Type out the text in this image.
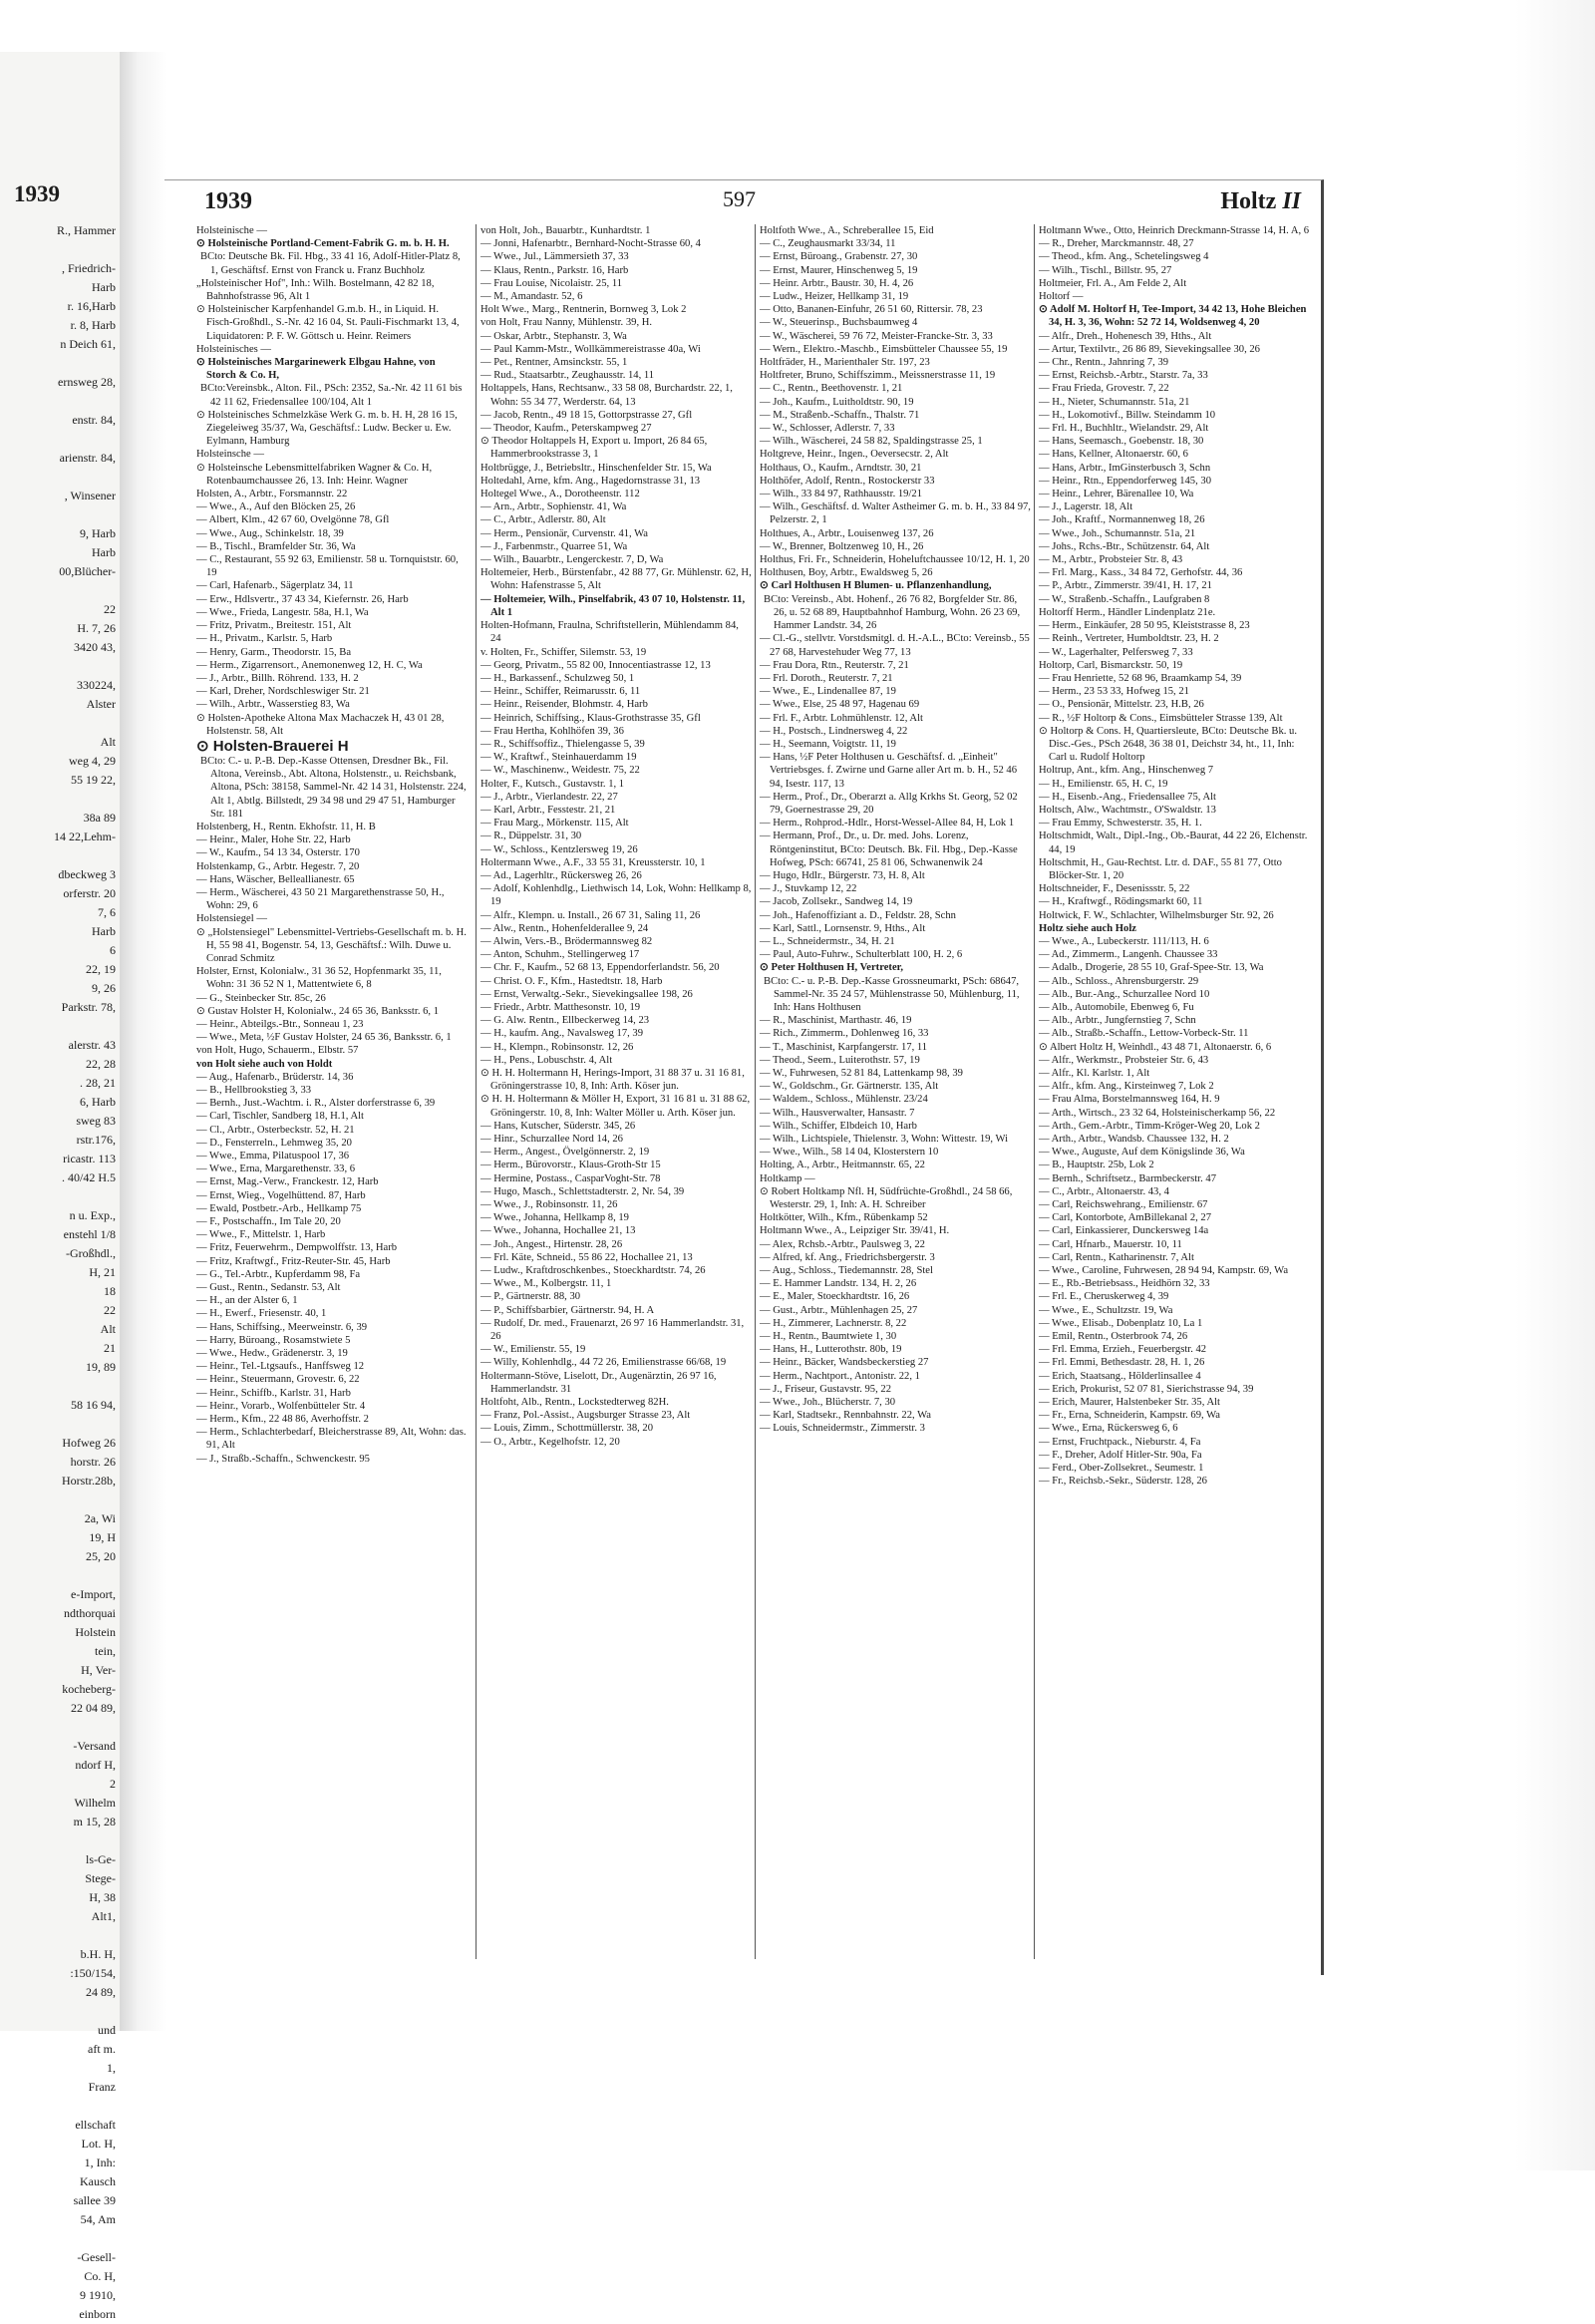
1939
R., Hammer

, Friedrich-
Harb
r. 16,Harb
r. 8, Harb
n Deich 61,

ernsweg 28,

enstr. 84,

arienstr. 84,

, Winsener

9, Harb
Harb
00,Blücher-

22
H. 7, 26
3420 43,

330224,
Alster

Alt
weg 4, 29
55 19 22,

38a 89
14 22,Lehm-

dbeckweg 3
orferstr. 20
7, 6
Harb
6
22, 19
9, 26
Parkstr. 78,

alerstr. 43
22, 28
. 28, 21
6, Harb
sweg 83
rstr.176,
ricastr. 113
. 40/42 H.5

n u. Exp.,
enstehl 1/8
-Großhdl.,
H, 21
18
22
Alt
21
19, 89

58 16 94,

Hofweg 26
horstr. 26
Horstr.28b,

2a, Wi
19, H
25, 20

e-Import,
ndthorquai
Holstein
tein,
H, Ver-
kocheberg-
22 04 89,

-Versand
ndorf H,
2
Wilhelm
m 15, 28

ls-Ge-
Stege-
H, 38
Alt1,

b.H. H,
:150/154,
24 89,

und
aft m.
1,
Franz

ellschaft
Lot. H,
1, Inh:
Kausch
sallee 39
54, Am

-Gesell-
Co. H,
9 1910,
einborn
1939	597	Holtz II

Holsteinische —

⊙ Holsteinische Portland-Cement-Fabrik G. m. b. H. H.

BCto: Deutsche Bk. Fil. Hbg., 33 41 16, Adolf-Hitler-Platz 8, 1, Geschäftsf. Ernst von Franck u. Franz Buchholz

„Holsteinischer Hof", Inh.: Wilh. Bostelmann, 42 82 18, Bahnhofstrasse 96, Alt 1

⊙ Holsteinischer Karpfenhandel G.m.b. H., in Liquid. H. Fisch-Großhdl., S.-Nr. 42 16 04, St. Pauli-Fischmarkt 13, 4, Liquidatoren: P. F. W. Göttsch u. Heinr. Reimers

Holsteinisches —

⊙ Holsteinisches Margarinewerk Elbgau Hahne, von Storch & Co. H,

BCto:Vereinsbk., Alton. Fil., PSch: 2352, Sa.-Nr. 42 11 61 bis 42 11 62, Friedensallee 100/104, Alt 1

⊙ Holsteinisches Schmelzkäse Werk G. m. b. H. H, 28 16 15, Ziegeleiweg 35/37, Wa, Geschäftsf.: Ludw. Becker u. Ew. Eylmann, Hamburg

Holsteinsche —

⊙ Holsteinsche Lebensmittelfabriken Wagner & Co. H, Rotenbaumchaussee 26, 13. Inh: Heinr. Wagner

Holsten, A., Arbtr., Forsmannstr. 22

— Wwe., A., Auf den Blöcken 25, 26

— Albert, Klm., 42 67 60, Ovelgönne 78, Gfl

— Wwe., Aug., Schinkelstr. 18, 39

— B., Tischl., Bramfelder Str. 36, Wa

— C., Restaurant, 55 92 63, Emilienstr. 58 u. Tornquiststr. 60, 19

— Carl, Hafenarb., Sägerplatz 34, 11

— Erw., Hdlsvertr., 37 43 34, Kiefernstr. 26, Harb

— Wwe., Frieda, Langestr. 58a, H.1, Wa

— Fritz, Privatm., Breitestr. 151, Alt

— H., Privatm., Karlstr. 5, Harb

— Henry, Garm., Theodorstr. 15, Ba

— Herm., Zigarrensort., Anemonenweg 12, H. C, Wa

— J., Arbtr., Billh. Röhrend. 133, H. 2

— Karl, Dreher, Nordschleswiger Str. 21

— Wilh., Arbtr., Wasserstieg 83, Wa

⊙ Holsten-Apotheke Altona Max Machaczek H, 43 01 28, Holstenstr. 58, Alt

⊙ Holsten-Brauerei H

BCto: C.- u. P.-B. Dep.-Kasse Ottensen, Dresdner Bk., Fil. Altona, Vereinsb., Abt. Altona, Holstenstr., u. Reichsbank, Altona, PSch: 38158, Sammel-Nr. 42 14 31, Holstenstr. 224, Alt 1, Abtlg. Billstedt, 29 34 98 und 29 47 51, Hamburger Str. 181

Holstenberg, H., Rentn. Ekhofstr. 11, H. B

— Heinr., Maler, Hohe Str. 22, Harb

— W., Kaufm., 54 13 34, Osterstr. 170

Holstenkamp, G., Arbtr. Hegestr. 7, 20

— Hans, Wäscher, Belleallianestr. 65

— Herm., Wäscherei, 43 50 21 Margarethenstrasse 50, H., Wohn: 29, 6

Holstensiegel —

⊙ „Holstensiegel" Lebensmittel-Vertriebs-Gesellschaft m. b. H. H, 55 98 41, Bogenstr. 54, 13, Geschäftsf.: Wilh. Duwe u. Conrad Schmitz

Holster, Ernst, Kolonialw., 31 36 52, Hopfenmarkt 35, 11, Wohn: 31 36 52 N 1, Mattentwiete 6, 8

— G., Steinbecker Str. 85c, 26

⊙ Gustav Holster H, Kolonialw., 24 65 36, Banksstr. 6, 1

— Heinr., Abteilgs.-Btr., Sonneau 1, 23

— Wwe., Meta, ½F Gustav Holster, 24 65 36, Banksstr. 6, 1

von Holt, Hugo, Schauerm., Elbstr. 57

von Holt siehe auch von Holdt

— Aug., Hafenarb., Brüderstr. 14, 36

— B., Hellbrookstieg 3, 33

— Bernh., Just.-Wachtm. i. R., Alster dorferstrasse 6, 39

— Carl, Tischler, Sandberg 18, H.1, Alt

— Cl., Arbtr., Osterbeckstr. 52, H. 21

— D., Fensterreln., Lehmweg 35, 20

— Wwe., Emma, Pilatuspool 17, 36

— Wwe., Erna, Margarethenstr. 33, 6

— Ernst, Mag.-Verw., Franckestr. 12, Harb

— Ernst, Wieg., Vogelhüttend. 87, Harb

— Ewald, Postbetr.-Arb., Hellkamp 75

— F., Postschaffn., Im Tale 20, 20

— Wwe., F., Mittelstr. 1, Harb

— Fritz, Feuerwehrm., Dempwolffstr. 13, Harb

— Fritz, Kraftwgf., Fritz-Reuter-Str. 45, Harb

— G., Tel.-Arbtr., Kupferdamm 98, Fa

— Gust., Rentn., Sedanstr. 53, Alt

— H., an der Alster 6, 1

— H., Ewerf., Friesenstr. 40, 1

— Hans, Schiffsing., Meerweinstr. 6, 39

— Harry, Büroang., Rosamstwiete 5

— Wwe., Hedw., Grädenerstr. 3, 19

— Heinr., Tel.-Ltgsaufs., Hanffsweg 12

— Heinr., Steuermann, Grovestr. 6, 22

— Heinr., Schiffb., Karlstr. 31, Harb

— Heinr., Vorarb., Wolfenbütteler Str. 4

— Herm., Kfm., 22 48 86, Averhoffstr. 2

— Herm., Schlachterbedarf, Bleicherstrasse 89, Alt, Wohn: das. 91, Alt

— J., Straßb.-Schaffn., Schwenckestr. 95

von Holt, Joh., Bauarbtr., Kunhardtstr. 1

— Jonni, Hafenarbtr., Bernhard-Nocht-Strasse 60, 4

— Wwe., Jul., Lämmersieth 37, 33

— Klaus, Rentn., Parkstr. 16, Harb

— Frau Louise, Nicolaistr. 25, 11

— M., Amandastr. 52, 6

Holt Wwe., Marg., Rentnerin, Bornweg 3, Lok 2

von Holt, Frau Nanny, Mühlenstr. 39, H.

— Oskar, Arbtr., Stephanstr. 3, Wa

— Paul Kamm-Mstr., Wollkämmereistrasse 40a, Wi

— Pet., Rentner, Amsinckstr. 55, 1

— Rud., Staatsarbtr., Zeughausstr. 14, 11

Holtappels, Hans, Rechtsanw., 33 58 08, Burchardstr. 22, 1, Wohn: 55 34 77, Werderstr. 64, 13

— Jacob, Rentn., 49 18 15, Gottorpstrasse 27, Gfl

— Theodor, Kaufm., Peterskampweg 27

⊙ Theodor Holtappels H, Export u. Import, 26 84 65, Hammerbrookstrasse 3, 1

Holtbrügge, J., Betriebsltr., Hinschenfelder Str. 15, Wa

Holtedahl, Arne, kfm. Ang., Hagedornstrasse 31, 13

Holtegel Wwe., A., Dorotheenstr. 112

— Arn., Arbtr., Sophienstr. 41, Wa

— C., Arbtr., Adlerstr. 80, Alt

— Herm., Pensionär, Curvenstr. 41, Wa

— J., Farbenmstr., Quarree 51, Wa

— Wilh., Bauarbtr., Lengerckestr. 7, D, Wa

Holtemeier, Herb., Bürstenfabr., 42 88 77, Gr. Mühlenstr. 62, H, Wohn: Hafenstrasse 5, Alt

— Holtemeier, Wilh., Pinselfabrik, 43 07 10, Holstenstr. 11, Alt 1

Holten-Hofmann, Fraulna, Schriftstellerin, Mühlendamm 84, 24

v. Holten, Fr., Schiffer, Silemstr. 53, 19

— Georg, Privatm., 55 82 00, Innocentiastrasse 12, 13

— H., Barkassenf., Schulzweg 50, 1

— Heinr., Schiffer, Reimarusstr. 6, 11

— Heinr., Reisender, Blohmstr. 4, Harb

— Heinrich, Schiffsing., Klaus-Grothstrasse 35, Gfl

— Frau Hertha, Kohlhöfen 39, 36

— R., Schiffsoffiz., Thielengasse 5, 39

— W., Kraftwf., Steinhauerdamm 19

— W., Maschinenw., Weidestr. 75, 22

Holter, F., Kutsch., Gustavstr. 1, 1

— J., Arbtr., Vierlandestr. 22, 27

— Karl, Arbtr., Fesstestr. 21, 21

— Frau Marg., Mörkenstr. 115, Alt

— R., Düppelstr. 31, 30

— W., Schloss., Kentzlersweg 19, 26

Holtermann Wwe., A.F., 33 55 31, Kreussterstr. 10, 1

— Ad., Lagerhltr., Rückersweg 26, 26

— Adolf, Kohlenhdlg., Liethwisch 14, Lok, Wohn: Hellkamp 8, 19

— Alfr., Klempn. u. Install., 26 67 31, Saling 11, 26

— Alw., Rentn., Hohenfelderallee 9, 24

— Alwin, Vers.-B., Brödermannsweg 82

— Anton, Schuhm., Stellingerweg 17

— Chr. F., Kaufm., 52 68 13, Eppendorferlandstr. 56, 20

— Christ. O. F., Kfm., Hastedtstr. 18, Harb

— Ernst, Verwaltg.-Sekr., Sievekingsallee 198, 26

— Friedr., Arbtr. Matthesonstr. 10, 19

— G. Alw. Rentn., Ellbeckerweg 14, 23

— H., kaufm. Ang., Navalsweg 17, 39

— H., Klempn., Robinsonstr. 12, 26

— H., Pens., Lobuschstr. 4, Alt

⊙ H. H. Holtermann H, Herings-Import, 31 88 37 u. 31 16 81, Gröningerstrasse 10, 8, Inh: Arth. Köser jun.

⊙ H. H. Holtermann & Möller H, Export, 31 16 81 u. 31 88 62, Gröningerstr. 10, 8, Inh: Walter Möller u. Arth. Köser jun.

— Hans, Kutscher, Süderstr. 345, 26

— Hinr., Schurzallee Nord 14, 26

— Herm., Angest., Övelgönnerstr. 2, 19

— Herm., Bürovorstr., Klaus-Groth-Str 15

— Hermine, Postass., CasparVoght-Str. 78

— Hugo, Masch., Schlettstadterstr. 2, Nr. 54, 39

— Wwe., J., Robinsonstr. 11, 26

— Wwe., Johanna, Hellkamp 8, 19

— Wwe., Johanna, Hochallee 21, 13

— Joh., Angest., Hirtenstr. 28, 26

— Frl. Käte, Schneid., 55 86 22, Hochallee 21, 13

— Ludw., Kraftdroschkenbes., Stoeckhardtstr. 74, 26

— Wwe., M., Kolbergstr. 11, 1

— P., Gärtnerstr. 88, 30

— P., Schiffsbarbier, Gärtnerstr. 94, H. A

— Rudolf, Dr. med., Frauenarzt, 26 97 16 Hammerlandstr. 31, 26

— W., Emilienstr. 55, 19

— Willy, Kohlenhdlg., 44 72 26, Emilienstrasse 66/68, 19

Holtermann-Stöve, Liselott, Dr., Augenärztin, 26 97 16, Hammerlandstr. 31

Holtfoht, Alb., Rentn., Lockstedterweg 82H.

— Franz, Pol.-Assist., Augsburger Strasse 23, Alt

— Louis, Zimm., Schottmüllerstr. 38, 20

— O., Arbtr., Kegelhofstr. 12, 20

Holtfoth Wwe., A., Schreberallee 15, Eid

— C., Zeughausmarkt 33/34, 11

— Ernst, Büroang., Grabenstr. 27, 30

— Ernst, Maurer, Hinschenweg 5, 19

— Heinr. Arbtr., Baustr. 30, H. 4, 26

— Ludw., Heizer, Hellkamp 31, 19

— Otto, Bananen-Einfuhr, 26 51 60, Rittersir. 78, 23

— W., Steuerinsp., Buchsbaumweg 4

— W., Wäscherei, 59 76 72, Meister-Francke-Str. 3, 33

— Wern., Elektro.-Maschb., Eimsbütteler Chaussee 55, 19

Holtfräder, H., Marienthaler Str. 197, 23

Holtfreter, Bruno, Schiffszimm., Meissnerstrasse 11, 19

— C., Rentn., Beethovenstr. 1, 21

— Joh., Kaufm., Luitholdtstr. 90, 19

— M., Straßenb.-Schaffn., Thalstr. 71

— W., Schlosser, Adlerstr. 7, 33

— Wilh., Wäscherei, 24 58 82, Spaldingstrasse 25, 1

Holtgreve, Heinr., Ingen., Oeversecstr. 2, Alt

Holthaus, O., Kaufm., Arndtstr. 30, 21

Holthöfer, Adolf, Rentn., Rostockerstr 33

— Wilh., 33 84 97, Rathhausstr. 19/21

— Wilh., Geschäftsf. d. Walter Astheimer G. m. b. H., 33 84 97, Pelzerstr. 2, 1

Holthues, A., Arbtr., Louisenweg 137, 26

— W., Brenner, Boltzenweg 10, H., 26

Holthus, Fri. Fr., Schneiderin, Hoheluftchaussee 10/12, H. 1, 20

Holthusen, Boy, Arbtr., Ewaldsweg 5, 26

⊙ Carl Holthusen H Blumen- u. Pflanzenhandlung,

BCto: Vereinsb., Abt. Hohenf., 26 76 82, Borgfelder Str. 86, 26, u. 52 68 89, Hauptbahnhof Hamburg, Wohn. 26 23 69, Hammer Landstr. 34, 26

— Cl.-G., stellvtr. Vorstdsmitgl. d. H.-A.L., BCto: Vereinsb., 55 27 68, Harvestehuder Weg 77, 13

— Frau Dora, Rtn., Reuterstr. 7, 21

— Frl. Doroth., Reuterstr. 7, 21

— Wwe., E., Lindenallee 87, 19

— Wwe., Else, 25 48 97, Hagenau 69

— Frl. F., Arbtr. Lohmühlenstr. 12, Alt

— H., Postsch., Lindnersweg 4, 22

— H., Seemann, Voigtstr. 11, 19

— Hans, ½F Peter Holthusen u. Geschäftsf. d. „Einheit" Vertriebsges. f. Zwirne und Garne aller Art m. b. H., 52 46 94, Isestr. 117, 13

— Herm., Prof., Dr., Oberarzt a. Allg Krkhs St. Georg, 52 02 79, Goernestrasse 29, 20

— Herm., Rohprod.-Hdlr., Horst-Wessel-Allee 84, H, Lok 1

— Hermann, Prof., Dr., u. Dr. med. Johs. Lorenz, Röntgeninstitut, BCto: Deutsch. Bk. Fil. Hbg., Dep.-Kasse Hofweg, PSch: 66741, 25 81 06, Schwanenwik 24

— Hugo, Hdlr., Bürgerstr. 73, H. 8, Alt

— J., Stuvkamp 12, 22

— Jacob, Zollsekr., Sandweg 14, 19

— Joh., Hafenoffiziant a. D., Feldstr. 28, Schn

— Karl, Sattl., Lornsenstr. 9, Hths., Alt

— L., Schneidermstr., 34, H. 21

— Paul, Auto-Fuhrw., Schulterblatt 100, H. 2, 6

⊙ Peter Holthusen H, Vertreter,

BCto: C.- u. P.-B. Dep.-Kasse Grossneumarkt, PSch: 68647, Sammel-Nr. 35 24 57, Mühlenstrasse 50, Mühlenburg, 11, Inh: Hans Holthusen

— R., Maschinist, Marthastr. 46, 19

— Rich., Zimmerm., Dohlenweg 16, 33

— T., Maschinist, Karpfangerstr. 17, 11

— Theod., Seem., Luiterothstr. 57, 19

— W., Fuhrwesen, 52 81 84, Lattenkamp 98, 39

— W., Goldschm., Gr. Gärtnerstr. 135, Alt

— Waldem., Schloss., Mühlenstr. 23/24

— Wilh., Hausverwalter, Hansastr. 7

— Wilh., Schiffer, Elbdeich 10, Harb

— Wilh., Lichtspiele, Thielenstr. 3, Wohn: Wittestr. 19, Wi

— Wwe., Wilh., 58 14 04, Klosterstern 10

Holting, A., Arbtr., Heitmannstr. 65, 22

Holtkamp —

⊙ Robert Holtkamp Nfl. H, Südfrüchte-Großhdl., 24 58 66, Westerstr. 29, 1, Inh: A. H. Schreiber

Holtkötter, Wilh., Kfm., Rübenkamp 52

Holtmann Wwe., A., Leipziger Str. 39/41, H.

— Alex, Rchsb.-Arbtr., Paulsweg 3, 22

— Alfred, kf. Ang., Friedrichsbergerstr. 3

— Aug., Schloss., Tiedemannstr. 28, Stel

— E. Hammer Landstr. 134, H. 2, 26

— E., Maler, Stoeckhardtstr. 16, 26

— Gust., Arbtr., Mühlenhagen 25, 27

— H., Zimmerer, Lachnerstr. 8, 22

— H., Rentn., Baumtwiete 1, 30

— Hans, H., Lutterothstr. 80b, 19

— Heinr., Bäcker, Wandsbeckerstieg 27

— Herm., Nachtport., Antonistr. 22, 1

— J., Friseur, Gustavstr. 95, 22

— Wwe., Joh., Blücherstr. 7, 30

— Karl, Stadtsekr., Rennbahnstr. 22, Wa

— Louis, Schneidermstr., Zimmerstr. 3

Holtmann Wwe., Otto, Heinrich Dreckmann-Strasse 14, H. A, 6

— R., Dreher, Marckmannstr. 48, 27

— Theod., kfm. Ang., Schetelingsweg 4

— Wilh., Tischl., Billstr. 95, 27

Holtmeier, Frl. A., Am Felde 2, Alt

Holtorf —

⊙ Adolf M. Holtorf H, Tee-Import, 34 42 13, Hohe Bleichen 34, H. 3, 36, Wohn: 52 72 14, Woldsenweg 4, 20

— Alfr., Dreh., Hohenesch 39, Hths., Alt

— Artur, Textilvtr., 26 86 89, Sievekingsallee 30, 26

— Chr., Rentn., Jahnring 7, 39

— Ernst, Reichsb.-Arbtr., Starstr. 7a, 33

— Frau Frieda, Grovestr. 7, 22

— H., Nieter, Schumannstr. 51a, 21

— H., Lokomotivf., Billw. Steindamm 10

— Frl. H., Buchhltr., Wielandstr. 29, Alt

— Hans, Seemasch., Goebenstr. 18, 30

— Hans, Kellner, Altonaerstr. 60, 6

— Hans, Arbtr., ImGinsterbusch 3, Schn

— Heinr., Rtn., Eppendorferweg 145, 30

— Heinr., Lehrer, Bärenallee 10, Wa

— J., Lagerstr. 18, Alt

— Joh., Kraftf., Normannenweg 18, 26

— Wwe., Joh., Schumannstr. 51a, 21

— Johs., Rchs.-Btr., Schützenstr. 64, Alt

— M., Arbtr., Probsteier Str. 8, 43

— Frl. Marg., Kass., 34 84 72, Gerhofstr. 44, 36

— P., Arbtr., Zimmerstr. 39/41, H. 17, 21

— W., Straßenb.-Schaffn., Laufgraben 8

Holtorff Herm., Händler Lindenplatz 21e.

— Herm., Einkäufer, 28 50 95, Kleiststrasse 8, 23

— Reinh., Vertreter, Humboldtstr. 23, H. 2

— W., Lagerhalter, Pelfersweg 7, 33

Holtorp, Carl, Bismarckstr. 50, 19

— Frau Henriette, 52 68 96, Braamkamp 54, 39

— Herm., 23 53 33, Hofweg 15, 21

— O., Pensionär, Mittelstr. 23, H.B, 26

— R., ½F Holtorp & Cons., Eimsbütteler Strasse 139, Alt

⊙ Holtorp & Cons. H, Quartiersleute, BCto: Deutsche Bk. u. Disc.-Ges., PSch 2648, 36 38 01, Deichstr 34, ht., 11, Inh: Carl u. Rudolf Holtorp

Holtrup, Ant., kfm. Ang., Hinschenweg 7

— H., Emilienstr. 65, H. C, 19

— H., Eisenb.-Ang., Friedensallee 75, Alt

Holtsch, Alw., Wachtmstr., O'Swaldstr. 13

— Frau Emmy, Schwesterstr. 35, H. 1.

Holtschmidt, Walt., Dipl.-Ing., Ob.-Baurat, 44 22 26, Elchenstr. 44, 19

Holtschmit, H., Gau-Rechtst. Ltr. d. DAF., 55 81 77, Otto Blöcker-Str. 1, 20

Holtschneider, F., Desenissstr. 5, 22

— H., Kraftwgf., Rödingsmarkt 60, 11

Holtwick, F. W., Schlachter, Wilhelmsburger Str. 92, 26

Holtz siehe auch Holz

— Wwe., A., Lubeckerstr. 111/113, H. 6

— Ad., Zimmerm., Langenh. Chaussee 33

— Adalb., Drogerie, 28 55 10, Graf-Spee-Str. 13, Wa

— Alb., Schloss., Ahrensburgerstr. 29

— Alb., Bur.-Ang., Schurzallee Nord 10

— Alb., Automobile, Ebenweg 6, Fu

— Alb., Arbtr., Jungfernstieg 7, Schn

— Alb., Straßb.-Schaffn., Lettow-Vorbeck-Str. 11

⊙ Albert Holtz H, Weinhdl., 43 48 71, Altonaerstr. 6, 6

— Alfr., Werkmstr., Probsteier Str. 6, 43

— Alfr., Kl. Karlstr. 1, Alt

— Alfr., kfm. Ang., Kirsteinweg 7, Lok 2

— Frau Alma, Borstelmannsweg 164, H. 9

— Arth., Wirtsch., 23 32 64, Holsteinischerkamp 56, 22

— Arth., Gem.-Arbtr., Timm-Kröger-Weg 20, Lok 2

— Arth., Arbtr., Wandsb. Chaussee 132, H. 2

— Wwe., Auguste, Auf dem Königslinde 36, Wa

— B., Hauptstr. 25b, Lok 2

— Bernh., Schriftsetz., Barmbeckerstr. 47

— C., Arbtr., Altonaerstr. 43, 4

— Carl, Reichswehrang., Emilienstr. 67

— Carl, Kontorbote, AmBillekanal 2, 27

— Carl, Einkassierer, Dunckersweg 14a

— Carl, Hfnarb., Mauerstr. 10, 11

— Carl, Rentn., Katharinenstr. 7, Alt

— Wwe., Caroline, Fuhrwesen, 28 94 94, Kampstr. 69, Wa

— E., Rb.-Betriebsass., Heidhörn 32, 33

— Frl. E., Cheruskerweg 4, 39

— Wwe., E., Schultzstr. 19, Wa

— Wwe., Elisab., Dobenplatz 10, La 1

— Emil, Rentn., Osterbrook 74, 26

— Frl. Emma, Erzieh., Feuerbergstr. 42

— Frl. Emmi, Bethesdastr. 28, H. 1, 26

— Erich, Staatsang., Hölderlinsallee 4

— Erich, Prokurist, 52 07 81, Sierichstrasse 94, 39

— Erich, Maurer, Halstenbeker Str. 35, Alt

— Fr., Erna, Schneiderin, Kampstr. 69, Wa

— Wwe., Erna, Rückersweg 6, 6

— Ernst, Fruchtpack., Nieburstr. 4, Fa

— F., Dreher, Adolf Hitler-Str. 90a, Fa

— Ferd., Ober-Zollsekret., Seumestr. 1

— Fr., Reichsb.-Sekr., Süderstr. 128, 26
